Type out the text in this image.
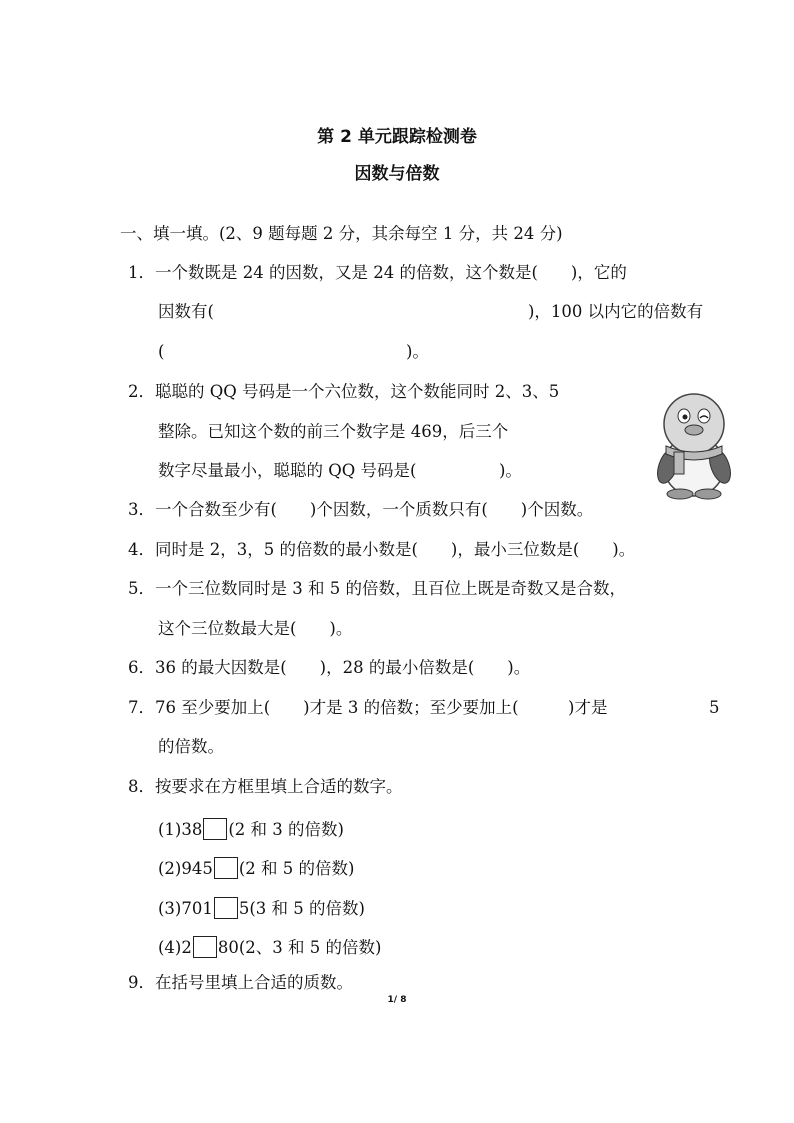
第 2 单元跟踪检测卷
因数与倍数
一、填一填。(2、9 题每题 2 分，其余每空 1 分，共 24 分)
1．一个数既是 24 的因数，又是 24 的倍数，这个数是(　　)，它的
因数有(	)，100 以内它的倍数有
(	)。
2．聪聪的 QQ 号码是一个六位数，这个数能同时 2、3、5
整除。已知这个数的前三个数字是 469，后三个
数字尽量最小，聪聪的 QQ 号码是(　　　　　)。
3．一个合数至少有(　　)个因数，一个质数只有(　　)个因数。
4．同时是 2，3，5 的倍数的最小数是(　　)，最小三位数是(　　)。
5．一个三位数同时是 3 和 5 的倍数，且百位上既是奇数又是合数，
这个三位数最大是(　　)。
6．36 的最大因数是(　　)，28 的最小倍数是(　　)。
7．76 至少要加上(　　)才是 3 的倍数；至少要加上(　　　)才是	5
的倍数。
8．按要求在方框里填上合适的数字。
(1)38 (2 和 3 的倍数)
(2)945 (2 和 5 的倍数)
(3)701 5(3 和 5 的倍数)
(4)2 80(2、3 和 5 的倍数)
9．在括号里填上合适的质数。
1/ 8
